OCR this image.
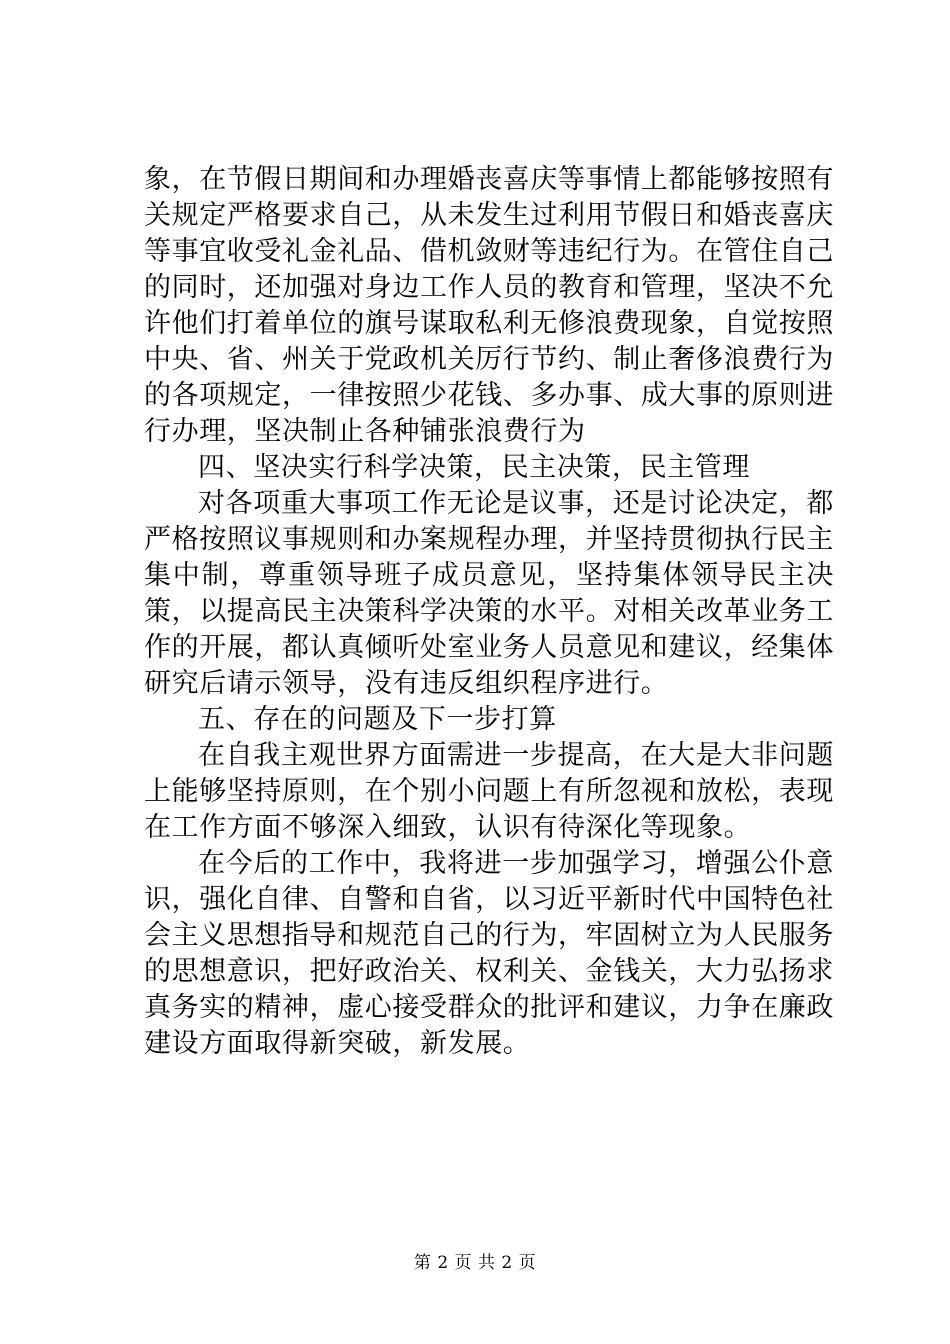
象，在节假日期间和办理婚丧喜庆等事情上都能够按照有关规定严格要求自己，从未发生过利用节假日和婚丧喜庆等事宜收受礼金礼品、借机敛财等违纪行为。在管住自己的同时，还加强对身边工作人员的教育和管理，坚决不允许他们打着单位的旗号谋取私利无修浪费现象，自觉按照中央、省、州关于党政机关厉行节约、制止奢侈浪费行为的各项规定，一律按照少花钱、多办事、成大事的原则进行办理，坚决制止各种铺张浪费行为

四、坚决实行科学决策，民主决策，民主管理

对各项重大事项工作无论是议事，还是讨论决定，都严格按照议事规则和办案规程办理，并坚持贯彻执行民主集中制，尊重领导班子成员意见，坚持集体领导民主决策，以提高民主决策科学决策的水平。对相关改革业务工作的开展，都认真倾听处室业务人员意见和建议，经集体研究后请示领导，没有违反组织程序进行。

五、存在的问题及下一步打算

在自我主观世界方面需进一步提高，在大是大非问题上能够坚持原则，在个别小问题上有所忽视和放松，表现在工作方面不够深入细致，认识有待深化等现象。

在今后的工作中，我将进一步加强学习，增强公仆意识，强化自律、自警和自省，以习近平新时代中国特色社会主义思想指导和规范自己的行为，牢固树立为人民服务的思想意识，把好政治关、权利关、金钱关，大力弘扬求真务实的精神，虚心接受群众的批评和建议，力争在廉政建设方面取得新突破，新发展。

第 2 页 共 2 页
